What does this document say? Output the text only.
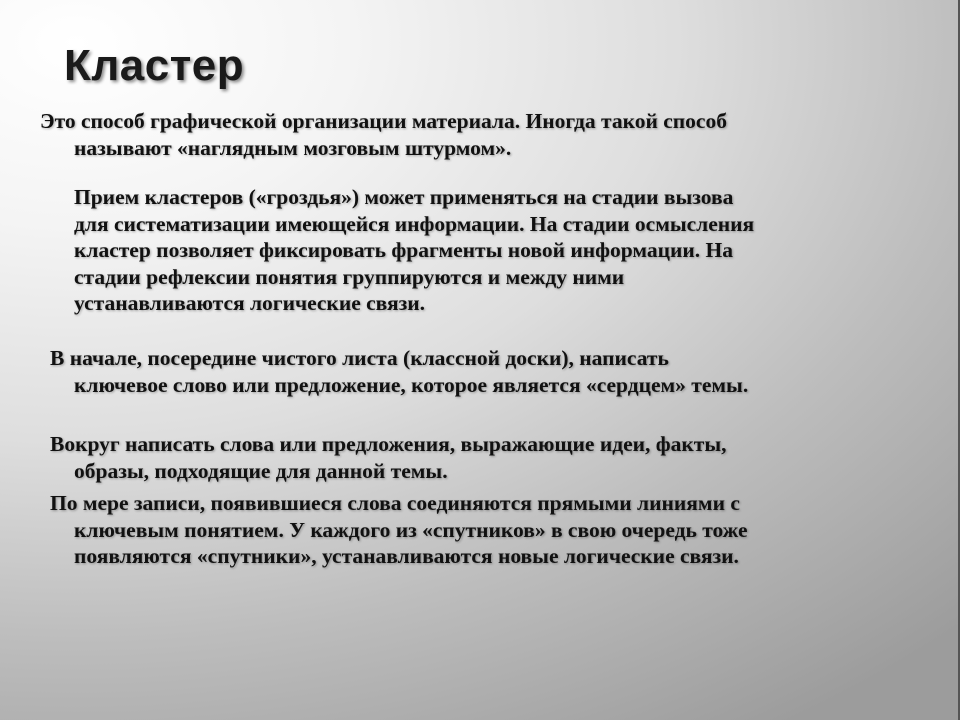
Кластер

Это способ графической организации материала. Иногда такой способ
называют «наглядным мозговым штурмом».

Прием кластеров («гроздья») может применяться на стадии вызова
для систематизации имеющейся информации. На стадии осмысления
кластер позволяет фиксировать фрагменты новой информации. На
стадии рефлексии понятия группируются и между ними
устанавливаются логические связи.

В начале, посередине чистого листа (классной доски), написать
ключевое слово или предложение, которое является «сердцем» темы.

Вокруг написать слова или предложения, выражающие идеи, факты,
образы, подходящие для данной темы.

По мере записи, появившиеся слова соединяются прямыми линиями с
ключевым понятием. У каждого из «спутников» в свою очередь тоже
появляются «спутники», устанавливаются новые логические связи.
